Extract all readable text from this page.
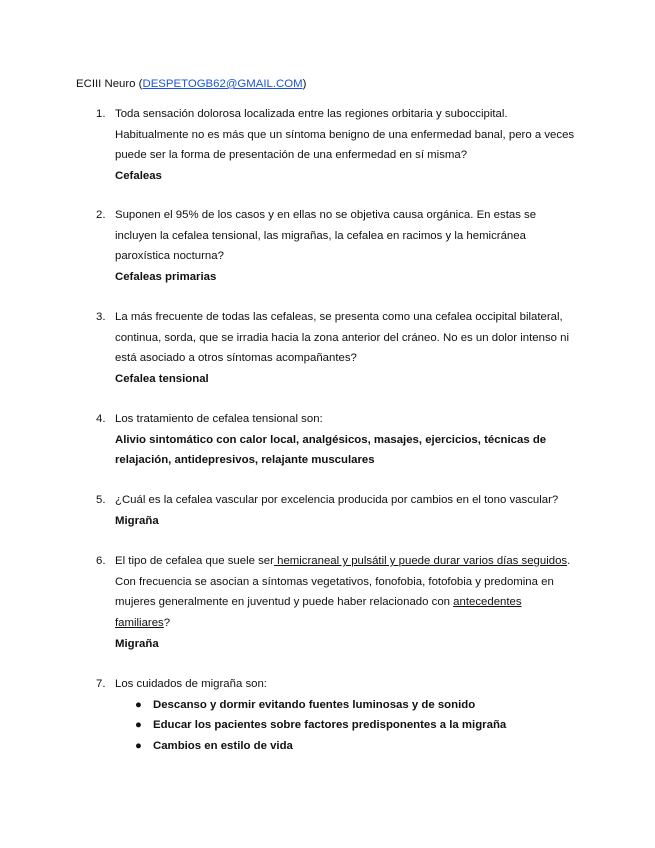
ECIII Neuro (DESPETOGB62@GMAIL.COM)
1. Toda sensación dolorosa localizada entre las regiones orbitaria y suboccipital. Habitualmente no es más que un síntoma benigno de una enfermedad banal, pero a veces puede ser la forma de presentación de una enfermedad en sí misma?
Cefaleas
2. Suponen el 95% de los casos y en ellas no se objetiva causa orgánica. En estas se incluyen la cefalea tensional, las migrañas, la cefalea en racimos y la hemicránea paroxística nocturna?
Cefaleas primarias
3. La más frecuente de todas las cefaleas, se presenta como una cefalea occipital bilateral, continua, sorda, que se irradia hacia la zona anterior del cráneo. No es un dolor intenso ni está asociado a otros síntomas acompañantes?
Cefalea tensional
4. Los tratamiento de cefalea tensional son:
Alivio sintomático con calor local, analgésicos, masajes, ejercicios, técnicas de relajación, antidepresivos, relajante musculares
5. ¿Cuál es la cefalea vascular por excelencia producida por cambios en el tono vascular?
Migraña
6. El tipo de cefalea que suele ser hemicraneal y pulsátil y puede durar varios días seguidos. Con frecuencia se asocian a síntomas vegetativos, fonofobia, fotofobia y predomina en mujeres generalmente en juventud y puede haber relacionado con antecedentes familiares?
Migraña
7. Los cuidados de migraña son:
● Descanso y dormir evitando fuentes luminosas y de sonido
● Educar los pacientes sobre factores predisponentes a la migraña
● Cambios en estilo de vida
